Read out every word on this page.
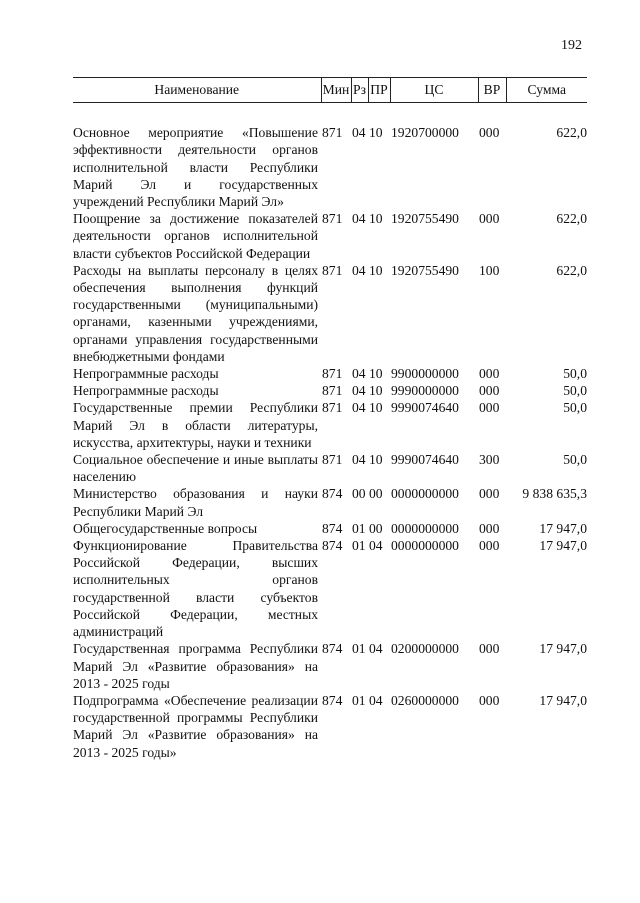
192
Наименование	Мин	Рз	ПР	ЦС	ВР	Сумма

Основное мероприятие «Повышение эффективности деятельности органов исполнительной власти Республики Марий Эл и государственных учреждений Республики Марий Эл»	871	04	10	1920700000	000	622,0
Поощрение за достижение показателей деятельности органов исполнительной власти субъектов Российской Федерации	871	04	10	1920755490	000	622,0
Расходы на выплаты персоналу в целях обеспечения выполнения функций государственными (муниципальными) органами, казенными учреждениями, органами управления государственными внебюджетными фондами	871	04	10	1920755490	100	622,0
Непрограммные расходы	871	04	10	9900000000	000	50,0
Непрограммные расходы	871	04	10	9990000000	000	50,0
Государственные премии Республики Марий Эл в области литературы, искусства, архитектуры, науки и техники	871	04	10	9990074640	000	50,0
Социальное обеспечение и иные выплаты населению	871	04	10	9990074640	300	50,0
Министерство образования и науки Республики Марий Эл	874	00	00	0000000000	000	9 838 635,3
Общегосударственные вопросы	874	01	00	0000000000	000	17 947,0
Функционирование Правительства Российской Федерации, высших исполнительных органов государственной власти субъектов Российской Федерации, местных администраций	874	01	04	0000000000	000	17 947,0
Государственная программа Республики Марий Эл «Развитие образования» на 2013 - 2025 годы	874	01	04	0200000000	000	17 947,0
Подпрограмма «Обеспечение реализации государственной программы Республики Марий Эл «Развитие образования» на 2013 - 2025 годы»	874	01	04	0260000000	000	17 947,0
